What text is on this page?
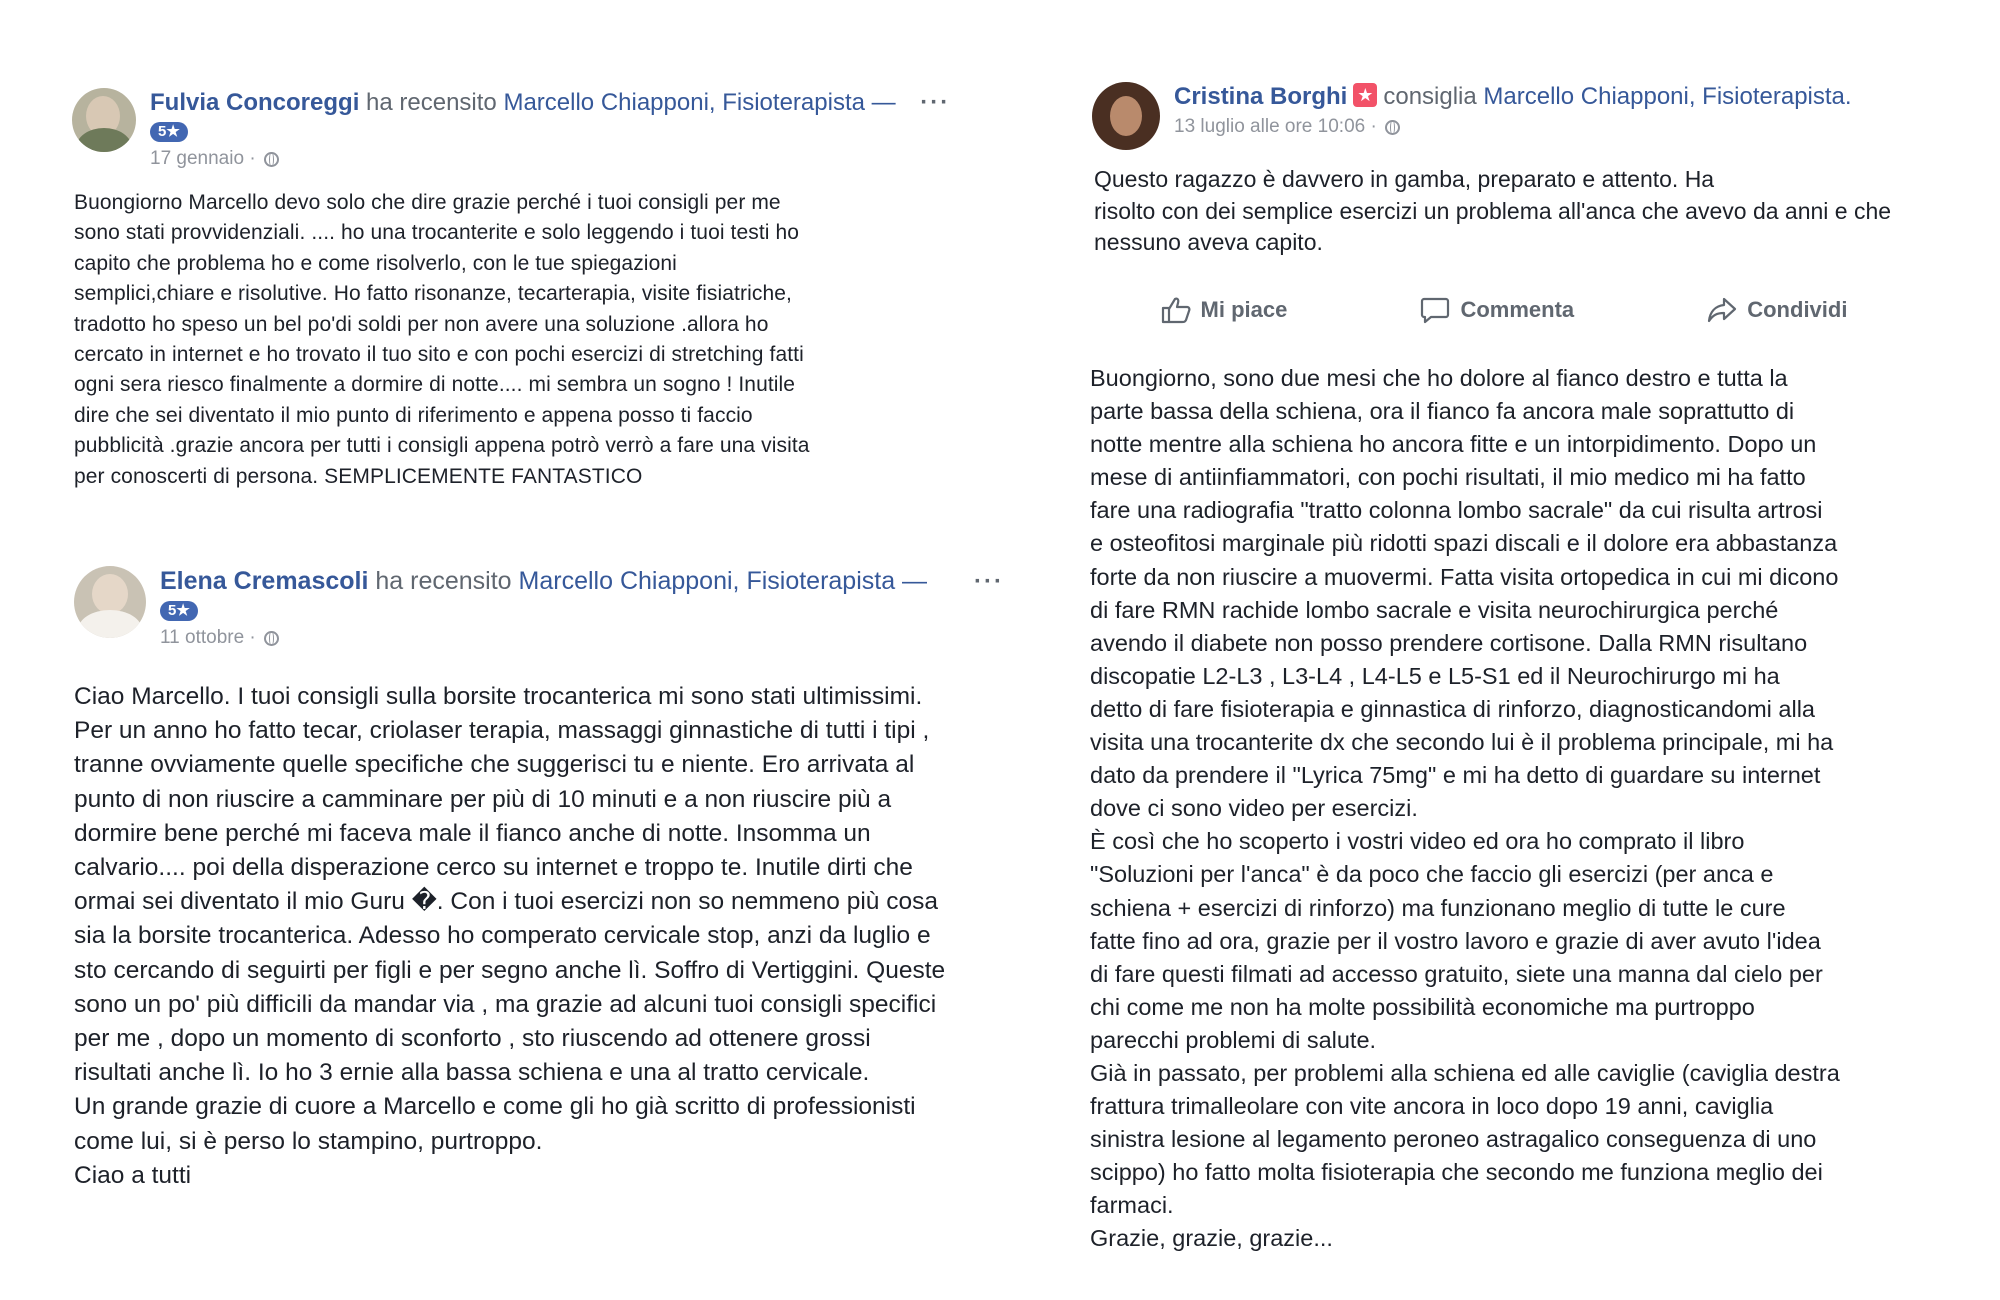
Fulvia Concoreggi ha recensito Marcello Chiapponi, Fisioterapista — ···
5★
17 gennaio ·
Buongiorno Marcello devo solo che dire grazie perché i tuoi consigli per me
sono stati provvidenziali. .... ho una trocanterite e solo leggendo i tuoi testi ho
capito che problema ho e come risolverlo, con le tue spiegazioni
semplici,chiare e risolutive. Ho fatto risonanze, tecarterapia, visite fisiatriche,
tradotto ho speso un bel po'di soldi per non avere una soluzione .allora ho
cercato in internet e ho trovato il tuo sito e con pochi esercizi di stretching fatti
ogni sera riesco finalmente a dormire di notte.... mi sembra un sogno ! Inutile
dire che sei diventato il mio punto di riferimento e appena posso ti faccio
pubblicità .grazie ancora per tutti i consigli appena potrò verrò a fare una visita
per conoscerti di persona. SEMPLICEMENTE FANTASTICO
Elena Cremascoli ha recensito Marcello Chiapponi, Fisioterapista — ···
5★
11 ottobre ·
Ciao Marcello. I tuoi consigli sulla borsite trocanterica mi sono stati ultimissimi.
Per un anno ho fatto tecar, criolaser terapia, massaggi ginnastiche di tutti i tipi ,
tranne ovviamente quelle specifiche che suggerisci tu e niente. Ero arrivata al
punto di non riuscire a camminare per più di 10 minuti e a non riuscire più a
dormire bene perché mi faceva male il fianco anche di notte. Insomma un
calvario.... poi della disperazione cerco su internet e troppo te. Inutile dirti che
ormai sei diventato il mio Guru �. Con i tuoi esercizi non so nemmeno più cosa
sia la borsite trocanterica. Adesso ho comperato cervicale stop, anzi da luglio e
sto cercando di seguirti per figli e per segno anche lì. Soffro di Vertiggini. Queste
sono un po' più difficili da mandar via , ma grazie ad alcuni tuoi consigli specifici
per me , dopo un momento di sconforto , sto riuscendo ad ottenere grossi
risultati anche lì. Io ho 3 ernie alla bassa schiena e una al tratto cervicale.
Un grande grazie di cuore a Marcello e come gli ho già scritto di professionisti
come lui, si è perso lo stampino, purtroppo.
Ciao a tutti
Cristina Borghi ★ consiglia Marcello Chiapponi, Fisioterapista.
13 luglio alle ore 10:06 ·
Questo ragazzo è davvero in gamba, preparato e attento. Ha
risolto con dei semplice esercizi un problema all'anca che avevo da anni e che
nessuno aveva capito.
Mi piace	Commenta	Condividi
Buongiorno, sono due mesi che ho dolore al fianco destro e tutta la
parte bassa della schiena, ora il fianco fa ancora male soprattutto di
notte mentre alla schiena ho ancora fitte e un intorpidimento. Dopo un
mese di antiinfiammatori, con pochi risultati, il mio medico mi ha fatto
fare una radiografia "tratto colonna lombo sacrale" da cui risulta artrosi
e osteofitosi marginale più ridotti spazi discali e il dolore era abbastanza
forte da non riuscire a muovermi. Fatta visita ortopedica in cui mi dicono
di fare RMN rachide lombo sacrale e visita neurochirurgica perché
avendo il diabete non posso prendere cortisone. Dalla RMN risultano
discopatie L2-L3 , L3-L4 , L4-L5 e L5-S1 ed il Neurochirurgo mi ha
detto di fare fisioterapia e ginnastica di rinforzo, diagnosticandomi alla
visita una trocanterite dx che secondo lui è il problema principale, mi ha
dato da prendere il "Lyrica 75mg" e mi ha detto di guardare su internet
dove ci sono video per esercizi.
È così che ho scoperto i vostri video ed ora ho comprato il libro
"Soluzioni per l'anca" è da poco che faccio gli esercizi (per anca e
schiena + esercizi di rinforzo) ma funzionano meglio di tutte le cure
fatte fino ad ora, grazie per il vostro lavoro e grazie di aver avuto l'idea
di fare questi filmati ad accesso gratuito, siete una manna dal cielo per
chi come me non ha molte possibilità economiche ma purtroppo
parecchi problemi di salute.
Già in passato, per problemi alla schiena ed alle caviglie (caviglia destra
frattura trimalleolare con vite ancora in loco dopo 19 anni, caviglia
sinistra lesione al legamento peroneo astragalico conseguenza di uno
scippo) ho fatto molta fisioterapia che secondo me funziona meglio dei
farmaci.
Grazie, grazie, grazie...
